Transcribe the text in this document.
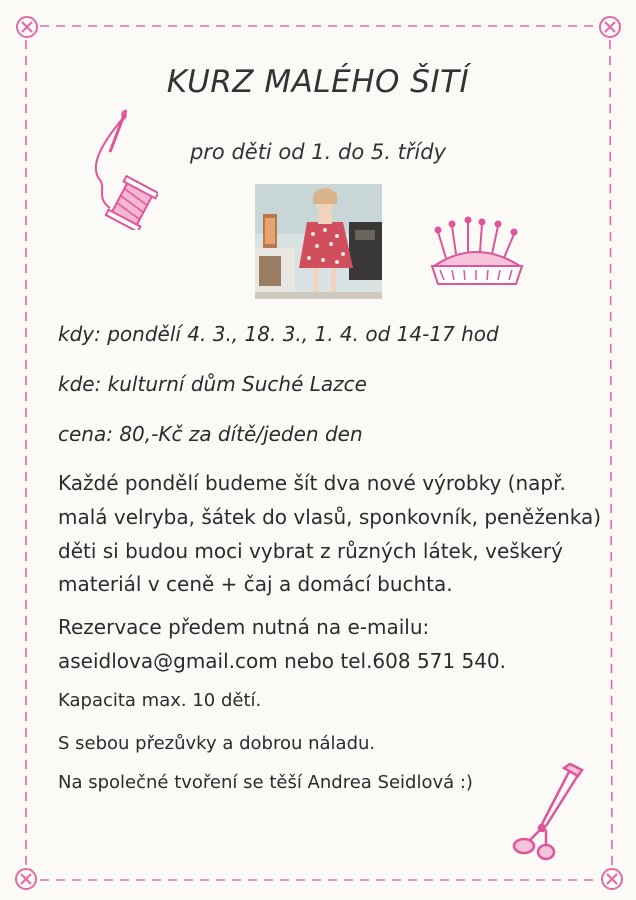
KURZ MALÉHO ŠITÍ
pro děti od 1. do 5. třídy
kdy: pondělí 4. 3., 18. 3., 1. 4. od 14-17 hod
kde: kulturní dům Suché Lazce
cena: 80,-Kč za dítě/jeden den
Každé pondělí budeme šít dva nové výrobky (např.
malá velryba, šátek do vlasů, sponkovník, peněženka)
děti si budou moci vybrat z různých látek, veškerý
materiál v ceně + čaj a domácí buchta.
Rezervace předem nutná na e-mailu:
aseidlova@gmail.com nebo tel.608 571 540.
Kapacita max. 10 dětí.
S sebou přezůvky a dobrou náladu.
Na společné tvoření se těší Andrea Seidlová :)
